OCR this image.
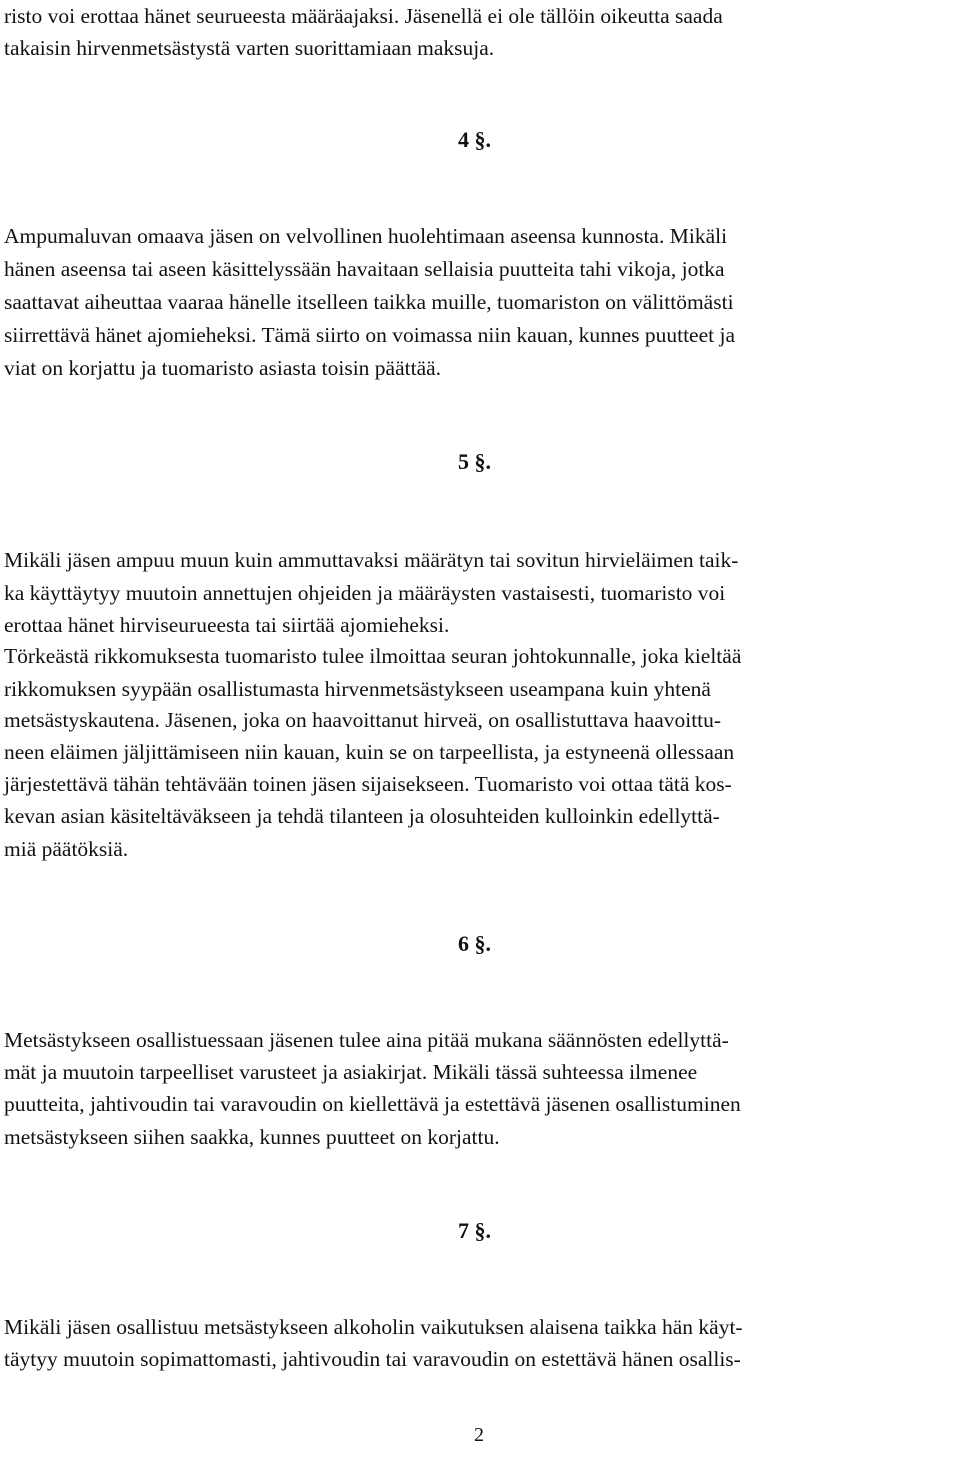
risto voi erottaa hänet seurueesta määräajaksi. Jäsenellä ei ole tällöin oikeutta saada
takaisin hirvenmetsästystä varten suorittamiaan maksuja.
4 §.
Ampumaluvan omaava jäsen on velvollinen huolehtimaan aseensa kunnosta. Mikäli
hänen aseensa tai aseen käsittelyssään havaitaan sellaisia puutteita tahi vikoja, jotka
saattavat aiheuttaa vaaraa hänelle itselleen taikka muille, tuomariston on välittömästi
siirrettävä hänet ajomieheksi. Tämä siirto on voimassa niin kauan, kunnes puutteet ja
viat on korjattu ja tuomaristo asiasta toisin päättää.
5 §.
Mikäli jäsen ampuu muun kuin ammuttavaksi määrätyn tai sovitun hirvieläimen taik-
ka käyttäytyy muutoin annettujen ohjeiden ja määräysten vastaisesti, tuomaristo voi
erottaa hänet hirviseurueesta tai siirtää ajomieheksi.
Törkeästä rikkomuksesta tuomaristo tulee ilmoittaa seuran johtokunnalle, joka kieltää
rikkomuksen syypään osallistumasta hirvenmetsästykseen useampana kuin yhtenä
metsästyskautena. Jäsenen, joka on haavoittanut hirveä, on osallistuttava haavoittu-
neen eläimen jäljittämiseen niin kauan, kuin se on tarpeellista, ja estyneenä ollessaan
järjestettävä tähän tehtävään toinen jäsen sijaisekseen. Tuomaristo voi ottaa tätä kos-
kevan asian käsiteltäväkseen ja tehdä tilanteen ja olosuhteiden kulloinkin edellyttä-
miä päätöksiä.
6 §.
Metsästykseen osallistuessaan jäsenen tulee aina pitää mukana säännösten edellyttä-
mät ja muutoin tarpeelliset varusteet ja asiakirjat. Mikäli tässä suhteessa ilmenee
puutteita, jahtivoudin tai varavoudin on kiellettävä ja estettävä jäsenen osallistuminen
metsästykseen siihen saakka, kunnes puutteet on korjattu.
7 §.
Mikäli jäsen osallistuu metsästykseen alkoholin vaikutuksen alaisena taikka hän käyt-
täytyy muutoin sopimattomasti, jahtivoudin tai varavoudin on estettävä hänen osallis-
2
